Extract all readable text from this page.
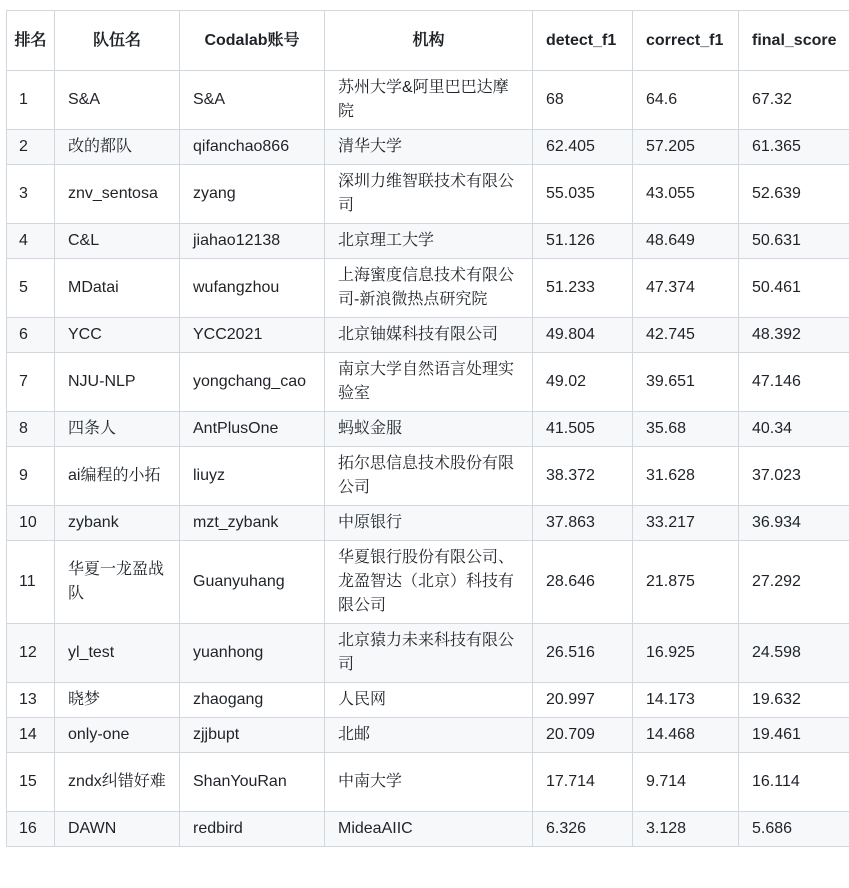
排名	队伍名	Codalab账号	机构	detect_f1	correct_f1	final_score
1	S&A	S&A	苏州大学&阿里巴巴达摩院	68	64.6	67.32
2	改的都队	qifanchao866	清华大学	62.405	57.205	61.365
3	znv_sentosa	zyang	深圳力维智联技术有限公司	55.035	43.055	52.639
4	C&L	jiahao12138	北京理工大学	51.126	48.649	50.631
5	MDatai	wufangzhou	上海蜜度信息技术有限公司-新浪微热点研究院	51.233	47.374	50.461
6	YCC	YCC2021	北京铀媒科技有限公司	49.804	42.745	48.392
7	NJU-NLP	yongchang_cao	南京大学自然语言处理实验室	49.02	39.651	47.146
8	四条人	AntPlusOne	蚂蚁金服	41.505	35.68	40.34
9	ai编程的小拓	liuyz	拓尔思信息技术股份有限公司	38.372	31.628	37.023
10	zybank	mzt_zybank	中原银行	37.863	33.217	36.934
11	华夏一龙盈战队	Guanyuhang	华夏银行股份有限公司、龙盈智达（北京）科技有限公司	28.646	21.875	27.292
12	yl_test	yuanhong	北京猿力未来科技有限公司	26.516	16.925	24.598
13	晓梦	zhaogang	人民网	20.997	14.173	19.632
14	only-one	zjjbupt	北邮	20.709	14.468	19.461
15	zndx纠错好难	ShanYouRan	中南大学	17.714	9.714	16.114
16	DAWN	redbird	MideaAIIC	6.326	3.128	5.686
